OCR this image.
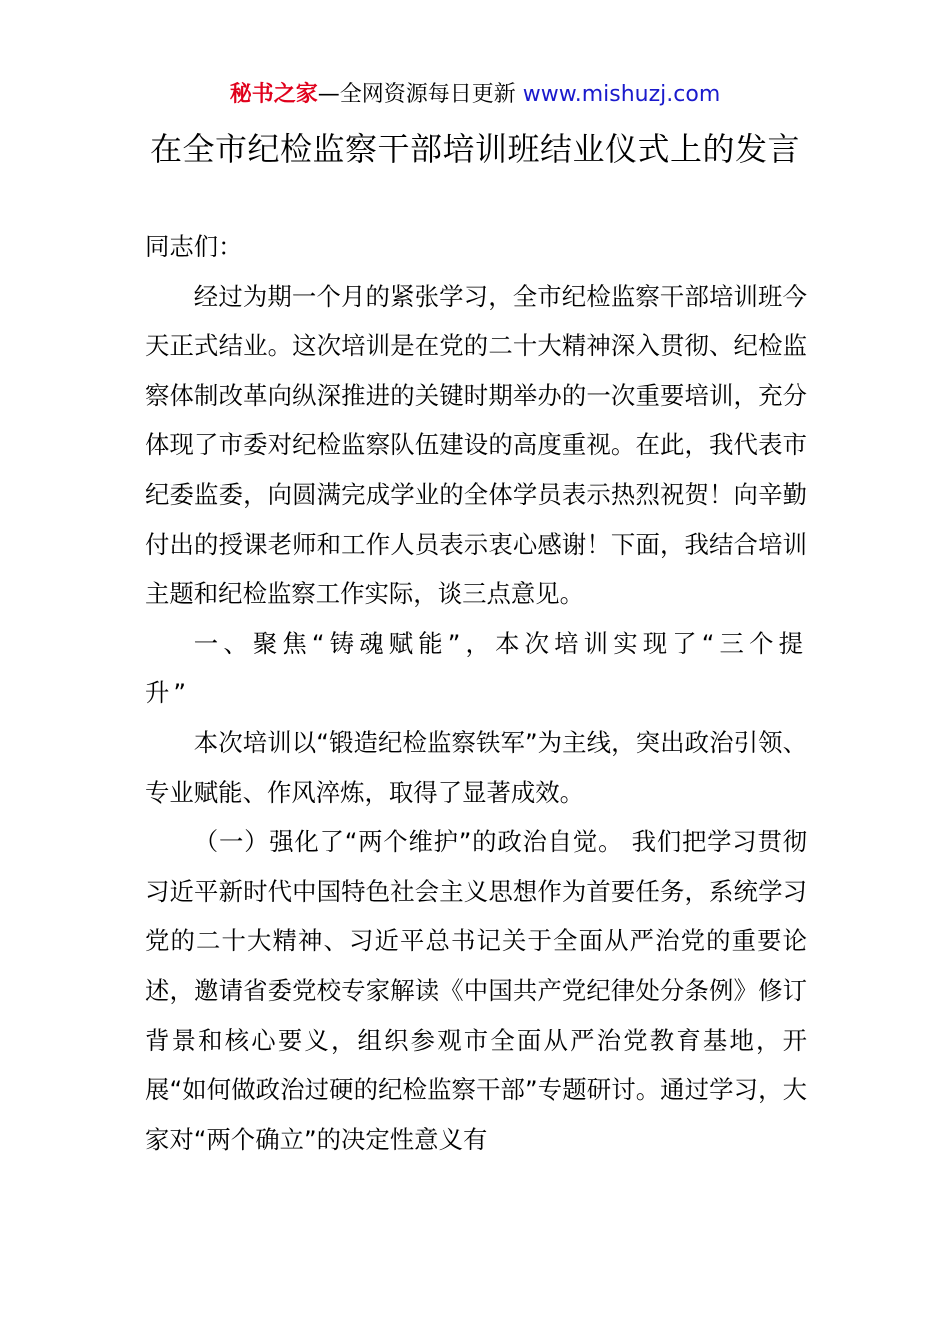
秘书之家—全网资源每日更新 www.mishuzj.com
在全市纪检监察干部培训班结业仪式上的发言

同志们：

经过为期一个月的紧张学习，全市纪检监察干部培训班今天正式结业。这次培训是在党的二十大精神深入贯彻、纪检监察体制改革向纵深推进的关键时期举办的一次重要培训，充分体现了市委对纪检监察队伍建设的高度重视。在此，我代表市纪委监委，向圆满完成学业的全体学员表示热烈祝贺！向辛勤付出的授课老师和工作人员表示衷心感谢！下面，我结合培训主题和纪检监察工作实际，谈三点意见。

一、聚焦“铸魂赋能”，本次培训实现了“三个提升”

本次培训以“锻造纪检监察铁军”为主线，突出政治引领、专业赋能、作风淬炼，取得了显著成效。

（一）强化了“两个维护”的政治自觉。 我们把学习贯彻习近平新时代中国特色社会主义思想作为首要任务，系统学习党的二十大精神、习近平总书记关于全面从严治党的重要论述，邀请省委党校专家解读《中国共产党纪律处分条例》修订背景和核心要义，组织参观市全面从严治党教育基地，开展“如何做政治过硬的纪检监察干部”专题研讨。通过学习，大家对“两个确立”的决定性意义有
